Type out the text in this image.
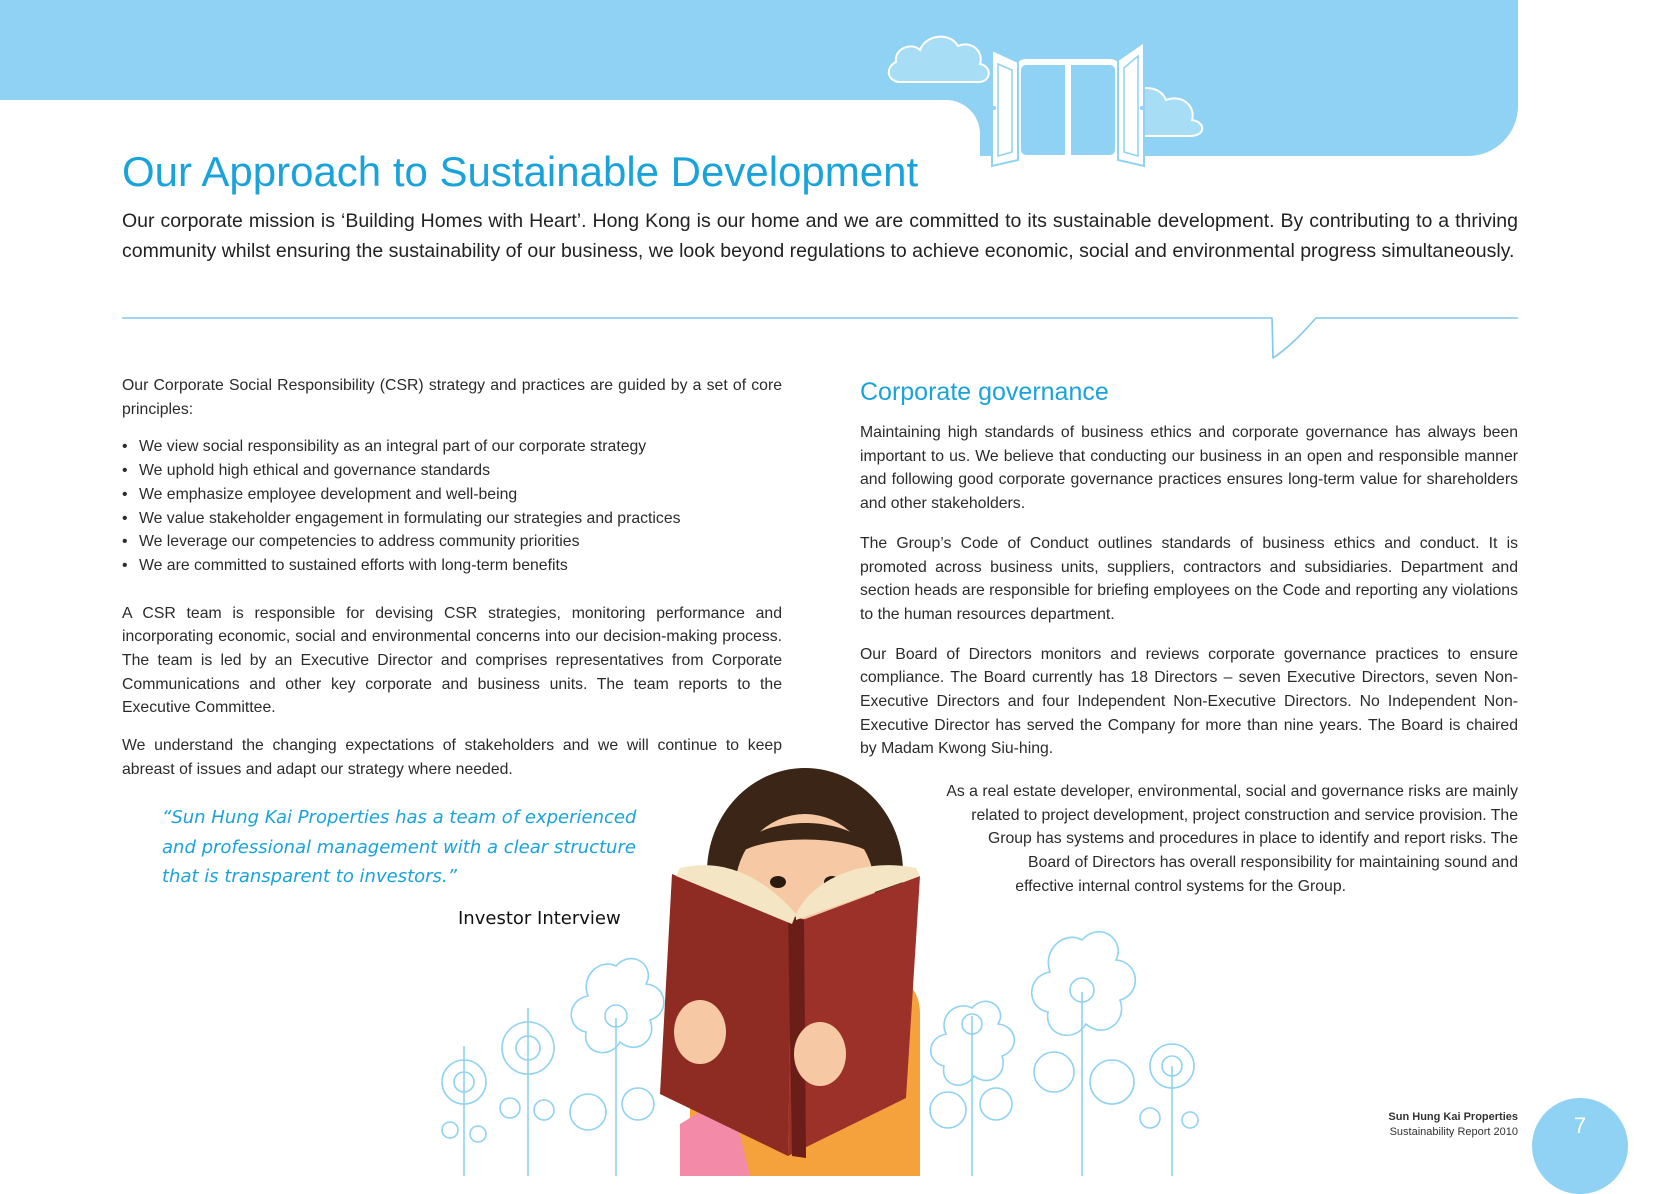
Our Approach to Sustainable Development

Our corporate mission is ‘Building Homes with Heart’. Hong Kong is our home and we are committed to its sustainable development. By contributing to a thriving community whilst ensuring the sustainability of our business, we look beyond regulations to achieve economic, social and environmental progress simultaneously.

Our Corporate Social Responsibility (CSR) strategy and practices are guided by a set of core principles:

• We view social responsibility as an integral part of our corporate strategy
• We uphold high ethical and governance standards
• We emphasize employee development and well-being
• We value stakeholder engagement in formulating our strategies and practices
• We leverage our competencies to address community priorities
• We are committed to sustained efforts with long-term benefits

A CSR team is responsible for devising CSR strategies, monitoring performance and incorporating economic, social and environmental concerns into our decision-making process. The team is led by an Executive Director and comprises representatives from Corporate Communications and other key corporate and business units. The team reports to the Executive Committee.

We understand the changing expectations of stakeholders and we will continue to keep abreast of issues and adapt our strategy where needed.

“Sun Hung Kai Properties has a team of experienced
and professional management with a clear structure
that is transparent to investors.”
Investor Interview
Corporate governance

Maintaining high standards of business ethics and corporate governance has always been important to us. We believe that conducting our business in an open and responsible manner and following good corporate governance practices ensures long-term value for shareholders and other stakeholders.

The Group’s Code of Conduct outlines standards of business ethics and conduct. It is promoted across business units, suppliers, contractors and subsidiaries. Department and section heads are responsible for briefing employees on the Code and reporting any violations to the human resources department.

Our Board of Directors monitors and reviews corporate governance practices to ensure compliance. The Board currently has 18 Directors – seven Executive Directors, seven Non-Executive Directors and four Independent Non-Executive Directors. No Independent Non-Executive Director has served the Company for more than nine years. The Board is chaired by Madam Kwong Siu-hing.

As a real estate developer, environmental, social and governance risks are mainly
related to project development, project construction and service provision. The
Group has systems and procedures in place to identify and report risks. The
Board of Directors has overall responsibility for maintaining sound and
effective internal control systems for the Group.
Sun Hung Kai Properties
Sustainability Report 2010	7
